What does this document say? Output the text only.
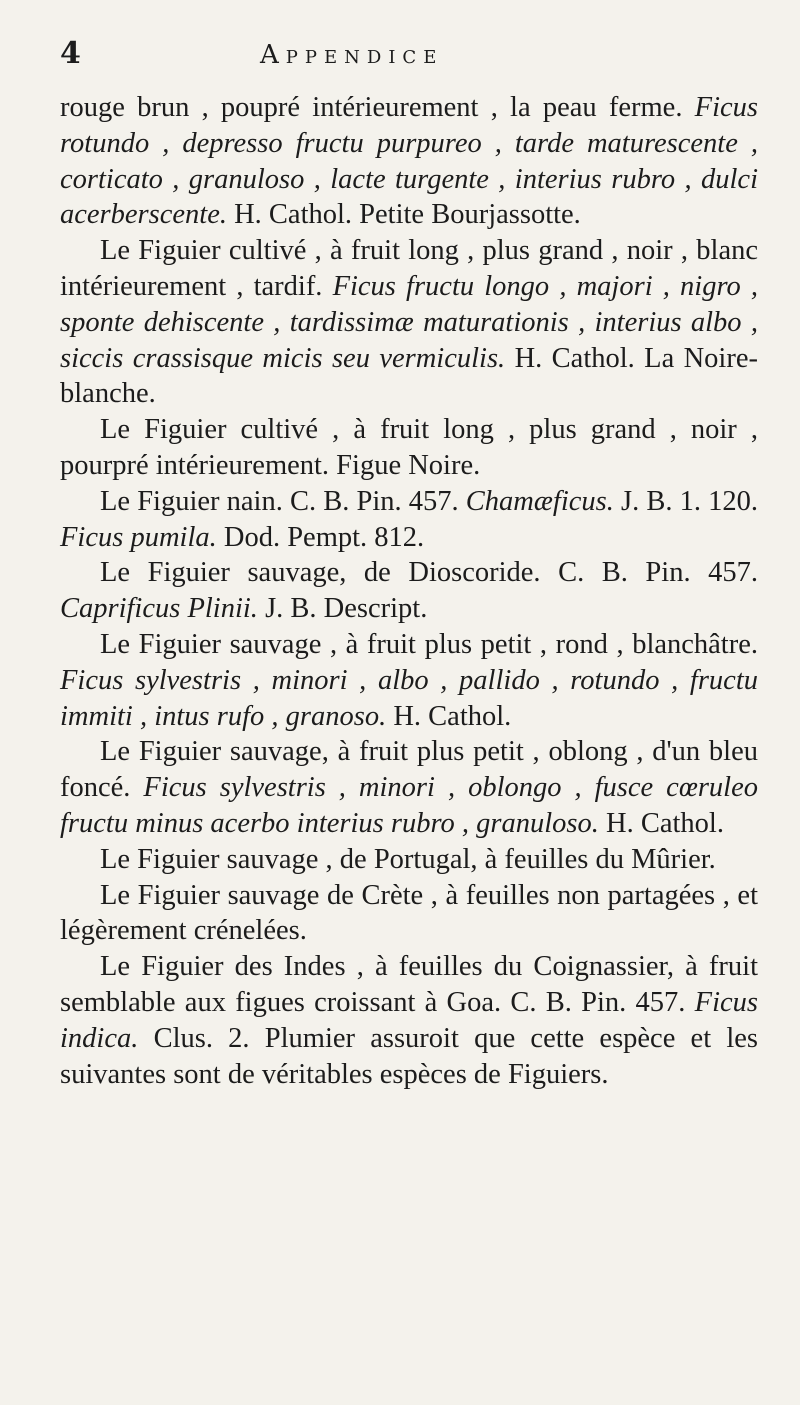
4	Appendice

rouge brun , poupré intérieurement , la peau ferme. Ficus rotundo , depresso fructu purpureo , tarde maturescente , corticato , granuloso , lacte turgente , interius rubro , dulci acerberscente. H. Cathol. Petite Bourjassotte.

Le Figuier cultivé , à fruit long , plus grand , noir , blanc intérieurement , tardif. Ficus fructu longo , majori , nigro , sponte dehiscente , tardissimæ maturationis , interius albo , siccis crassisque micis seu vermiculis. H. Cathol. La Noire-blanche.

Le Figuier cultivé , à fruit long , plus grand , noir , pourpré intérieurement. Figue Noire.

Le Figuier nain. C. B. Pin. 457. Chamæficus. J. B. 1. 120. Ficus pumila. Dod. Pempt. 812.

Le Figuier sauvage, de Dioscoride. C. B. Pin. 457. Caprificus Plinii. J. B. Descript.

Le Figuier sauvage , à fruit plus petit , rond , blanchâtre. Ficus sylvestris , minori , albo , pallido , rotundo , fructu immiti , intus rufo , granoso. H. Cathol.

Le Figuier sauvage, à fruit plus petit , oblong , d'un bleu foncé. Ficus sylvestris , minori , oblongo , fusce cœruleo fructu minus acerbo interius rubro , granuloso. H. Cathol.

Le Figuier sauvage , de Portugal, à feuilles du Mûrier.

Le Figuier sauvage de Crète , à feuilles non partagées , et légèrement crénelées.

Le Figuier des Indes , à feuilles du Coignassier, à fruit semblable aux figues croissant à Goa. C. B. Pin. 457. Ficus indica. Clus. 2. Plumier assuroit que cette espèce et les suivantes sont de véritables espèces de Figuiers.
